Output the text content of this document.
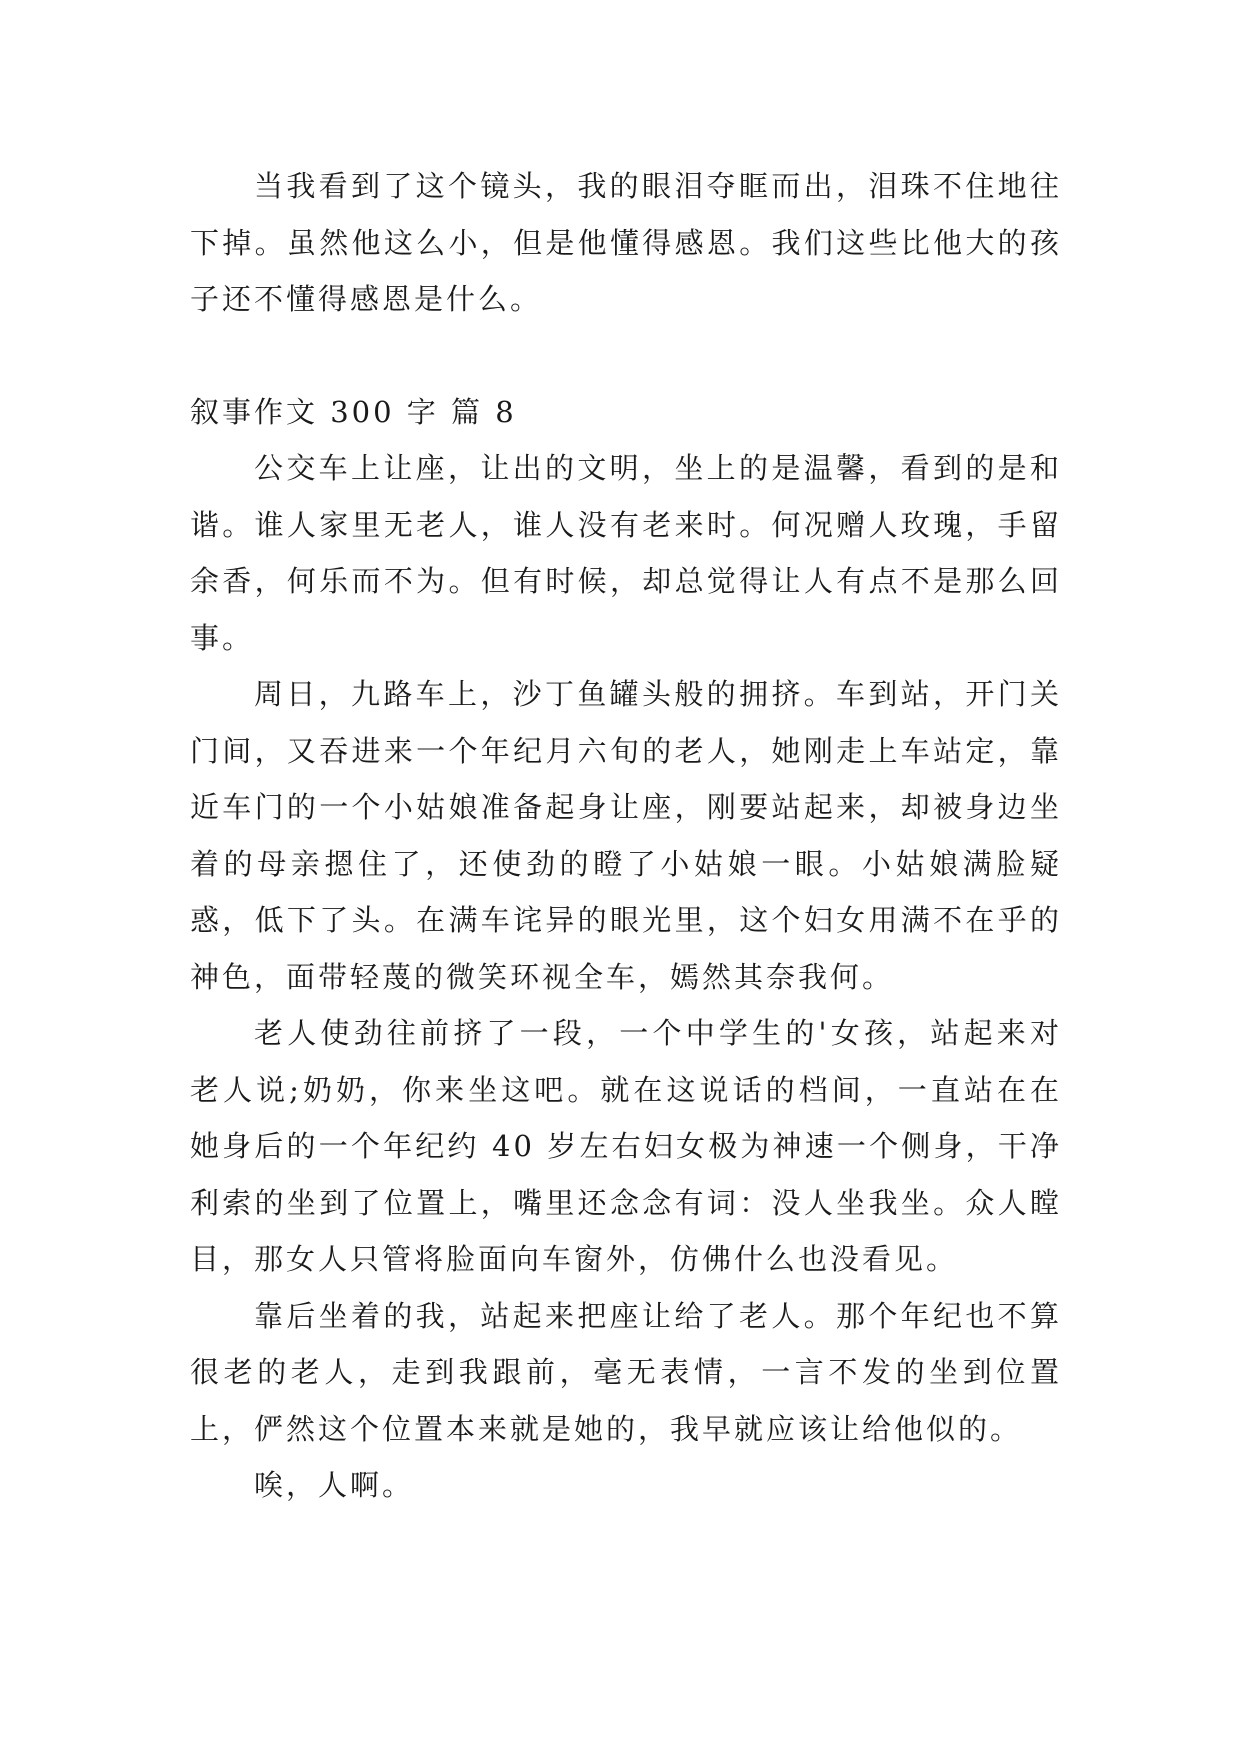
当我看到了这个镜头，我的眼泪夺眶而出，泪珠不住地往下掉。虽然他这么小，但是他懂得感恩。我们这些比他大的孩子还不懂得感恩是什么。

叙事作文 300 字 篇 8

公交车上让座，让出的文明，坐上的是温馨，看到的是和谐。谁人家里无老人，谁人没有老来时。何况赠人玫瑰，手留余香，何乐而不为。但有时候，却总觉得让人有点不是那么回事。

周日，九路车上，沙丁鱼罐头般的拥挤。车到站，开门关门间，又吞进来一个年纪月六旬的老人，她刚走上车站定，靠近车门的一个小姑娘准备起身让座，刚要站起来，却被身边坐着的母亲摁住了，还使劲的瞪了小姑娘一眼。小姑娘满脸疑惑，低下了头。在满车诧异的眼光里，这个妇女用满不在乎的神色，面带轻蔑的微笑环视全车，嫣然其奈我何。

老人使劲往前挤了一段，一个中学生的'女孩，站起来对老人说;奶奶，你来坐这吧。就在这说话的档间，一直站在在她身后的一个年纪约 40 岁左右妇女极为神速一个侧身，干净利索的坐到了位置上，嘴里还念念有词：没人坐我坐。众人瞠目，那女人只管将脸面向车窗外，仿佛什么也没看见。

靠后坐着的我，站起来把座让给了老人。那个年纪也不算很老的老人，走到我跟前，毫无表情，一言不发的坐到位置上，俨然这个位置本来就是她的，我早就应该让给他似的。

唉，人啊。
